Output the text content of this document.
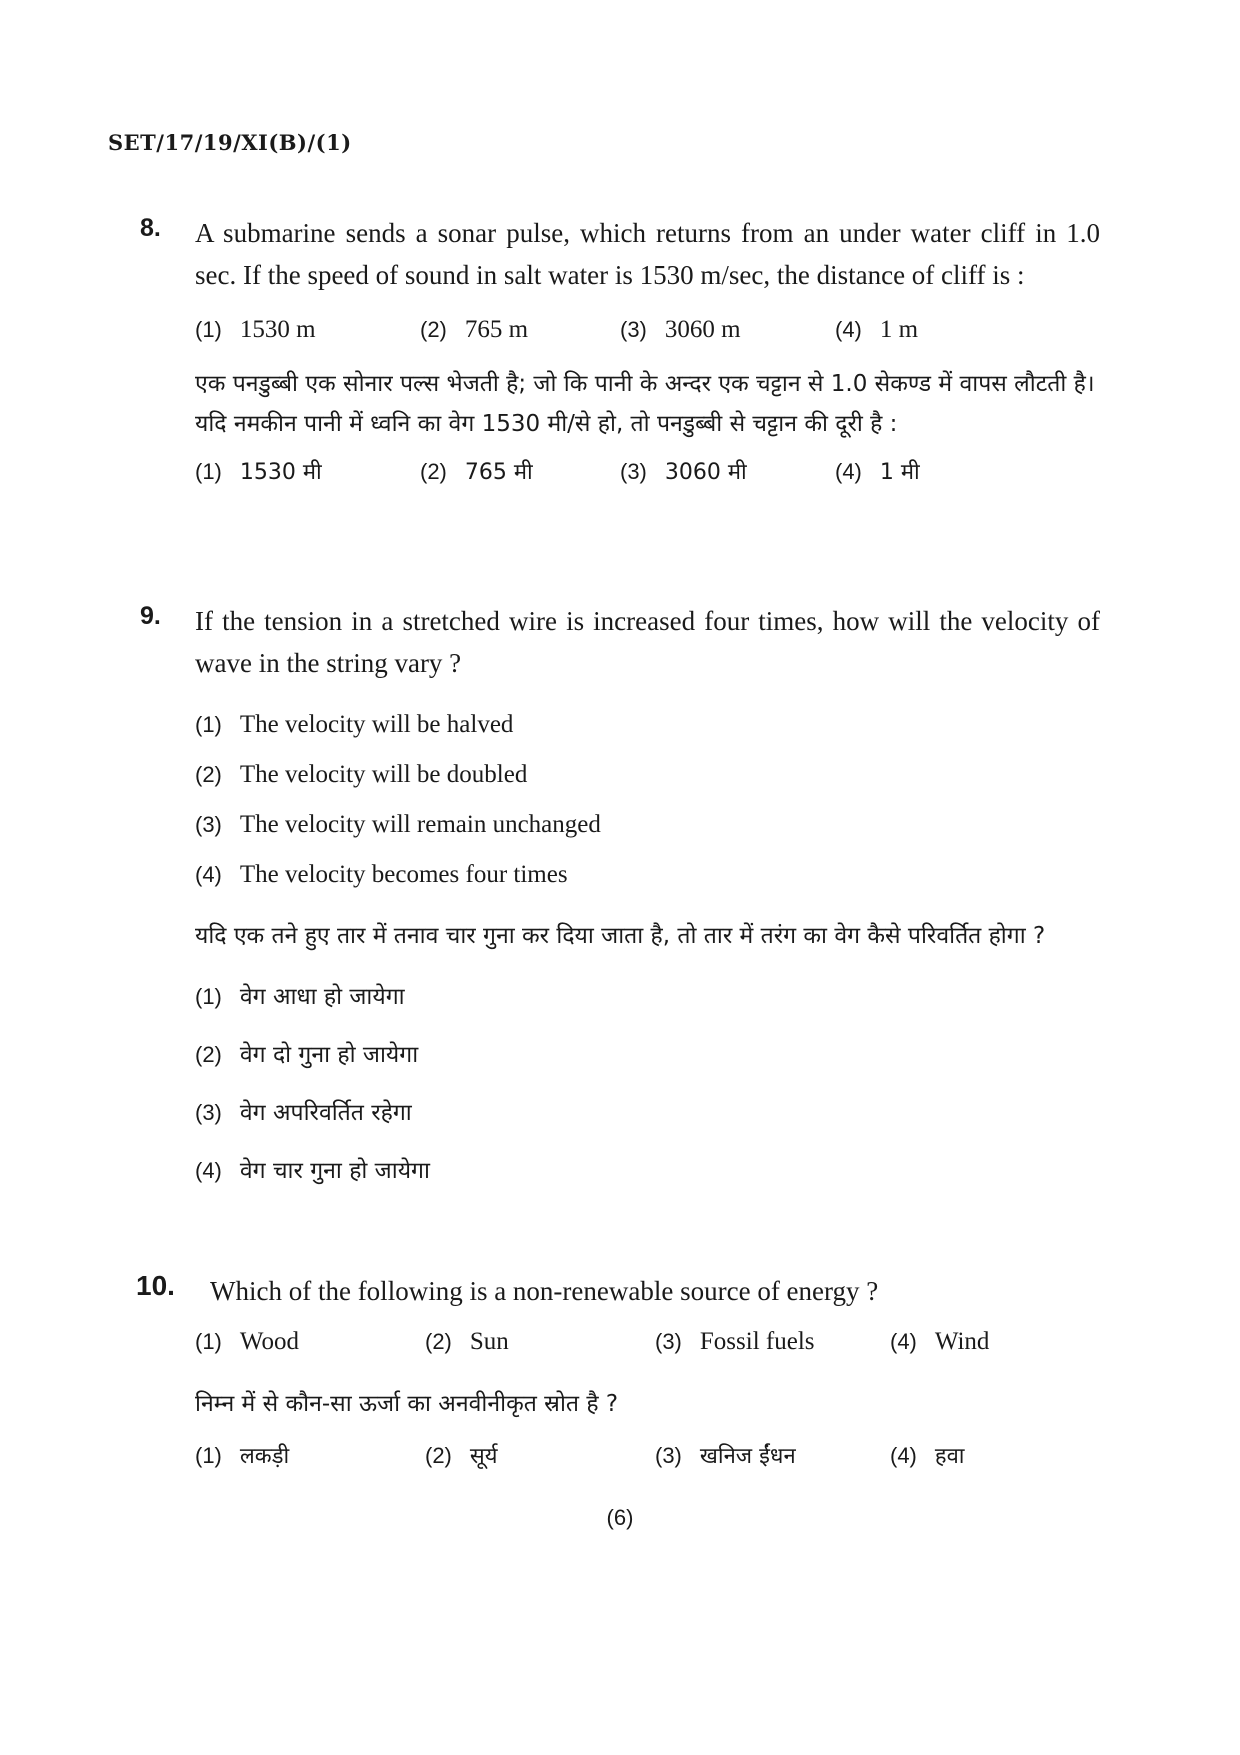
SET/17/19/XI(B)/(1)
8. A submarine sends a sonar pulse, which returns from an under water cliff in 1.0 sec. If the speed of sound in salt water is 1530 m/sec, the distance of cliff is :
(1) 1530 m	(2) 765 m	(3) 3060 m	(4) 1 m
एक पनडुब्बी एक सोनार पल्स भेजती है; जो कि पानी के अन्दर एक चट्टान से 1.0 सेकण्ड में वापस लौटती है। यदि नमकीन पानी में ध्वनि का वेग 1530 मी/से हो, तो पनडुब्बी से चट्टान की दूरी है :
(1) 1530 मी	(2) 765 मी	(3) 3060 मी	(4) 1 मी
9. If the tension in a stretched wire is increased four times, how will the velocity of wave in the string vary ?
(1) The velocity will be halved
(2) The velocity will be doubled
(3) The velocity will remain unchanged
(4) The velocity becomes four times
यदि एक तने हुए तार में तनाव चार गुना कर दिया जाता है, तो तार में तरंग का वेग कैसे परिवर्तित होगा ?
(1) वेग आधा हो जायेगा
(2) वेग दो गुना हो जायेगा
(3) वेग अपरिवर्तित रहेगा
(4) वेग चार गुना हो जायेगा
10. Which of the following is a non-renewable source of energy ?
(1) Wood	(2) Sun	(3) Fossil fuels	(4) Wind
निम्न में से कौन-सा ऊर्जा का अनवीनीकृत स्रोत है ?
(1) लकड़ी	(2) सूर्य	(3) खनिज ईंधन	(4) हवा
(6)
